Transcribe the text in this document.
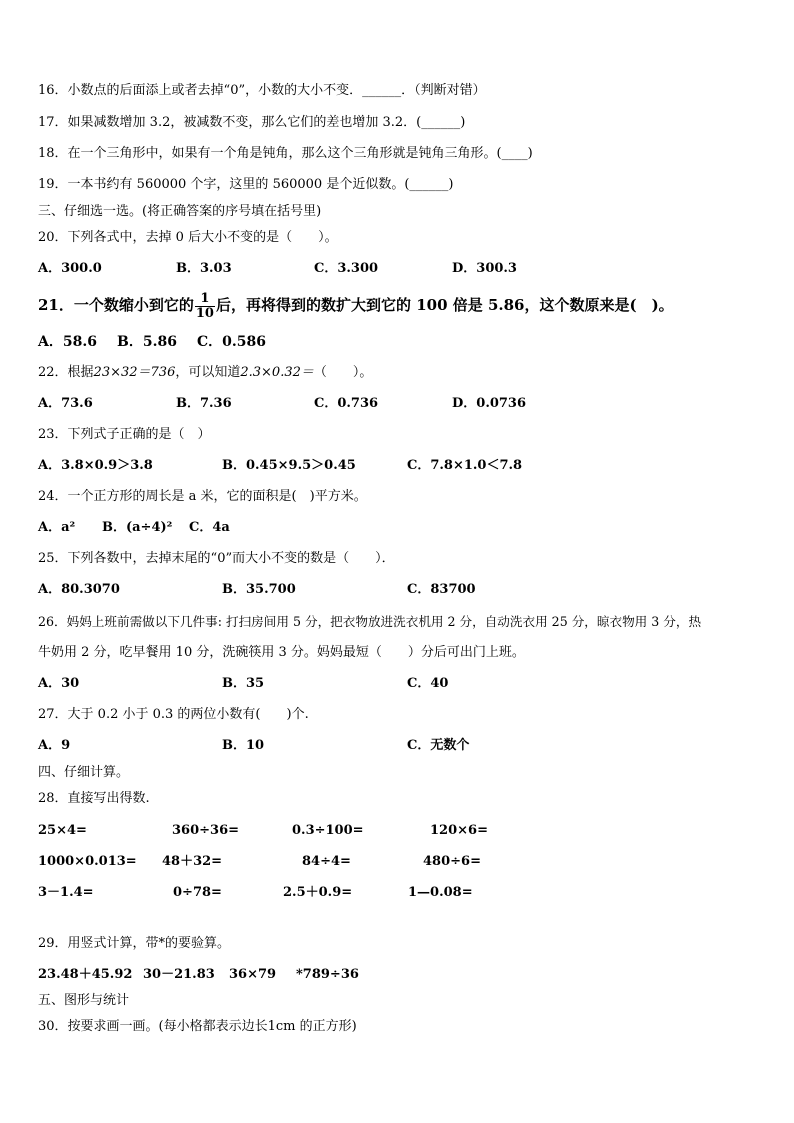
16．小数点的后面添上或者去掉“0”，小数的大小不变．______．（判断对错）
17．如果减数增加 3.2，被减数不变，那么它们的差也增加 3.2．(______)
18．在一个三角形中，如果有一个角是钝角，那么这个三角形就是钝角三角形。(____)
19．一本书约有 560000 个字，这里的 560000 是个近似数。(______)
三、仔细选一选。(将正确答案的序号填在括号里)
20．下列各式中，去掉 0 后大小不变的是（　　）。
A．300.0	B．3.03	C．3.300	D．300.3
21．一个数缩小到它的 $\frac{1}{10}$ 后，再将得到的数扩大到它的 100 倍是 5.86，这个数原来是(　)。
A．58.6 B．5.86 C．0.586
22．根据23×32＝736，可以知道2.3×0.32＝（　　）。
A．73.6	B．7.36	C．0.736	D．0.0736
23．下列式子正确的是（　）
A．3.8×0.9＞3.8	B．0.45×9.5＞0.45	C．7.8×1.0＜7.8
24．一个正方形的周长是 a 米，它的面积是(　)平方米。
A．a² B．(a÷4)² C．4a
25．下列各数中，去掉末尾的“0”而大小不变的数是（　　）．
A．80.3070	B．35.700	C．83700
26．妈妈上班前需做以下几件事: 打扫房间用 5 分，把衣物放进洗衣机用 2 分，自动洗衣用 25 分，晾衣物用 3 分，热
牛奶用 2 分，吃早餐用 10 分，洗碗筷用 3 分。妈妈最短（　　）分后可出门上班。
A．30	B．35	C．40
27．大于 0.2 小于 0.3 的两位小数有(　　)个.
A．9	B．10	C．无数个
四、仔细计算。
28．直接写出得数.
25×4=	360÷36=	0.3÷100=	120×6=
1000×0.013= 48＋32=	84÷4=	480÷6=
3－1.4=	0÷78=	2.5＋0.9=	1—0.08=
29．用竖式计算，带*的要验算。
23.48＋45.92 30－21.83 36×79 *789÷36
五、图形与统计
30．按要求画一画。(每小格都表示边长1cm 的正方形)
